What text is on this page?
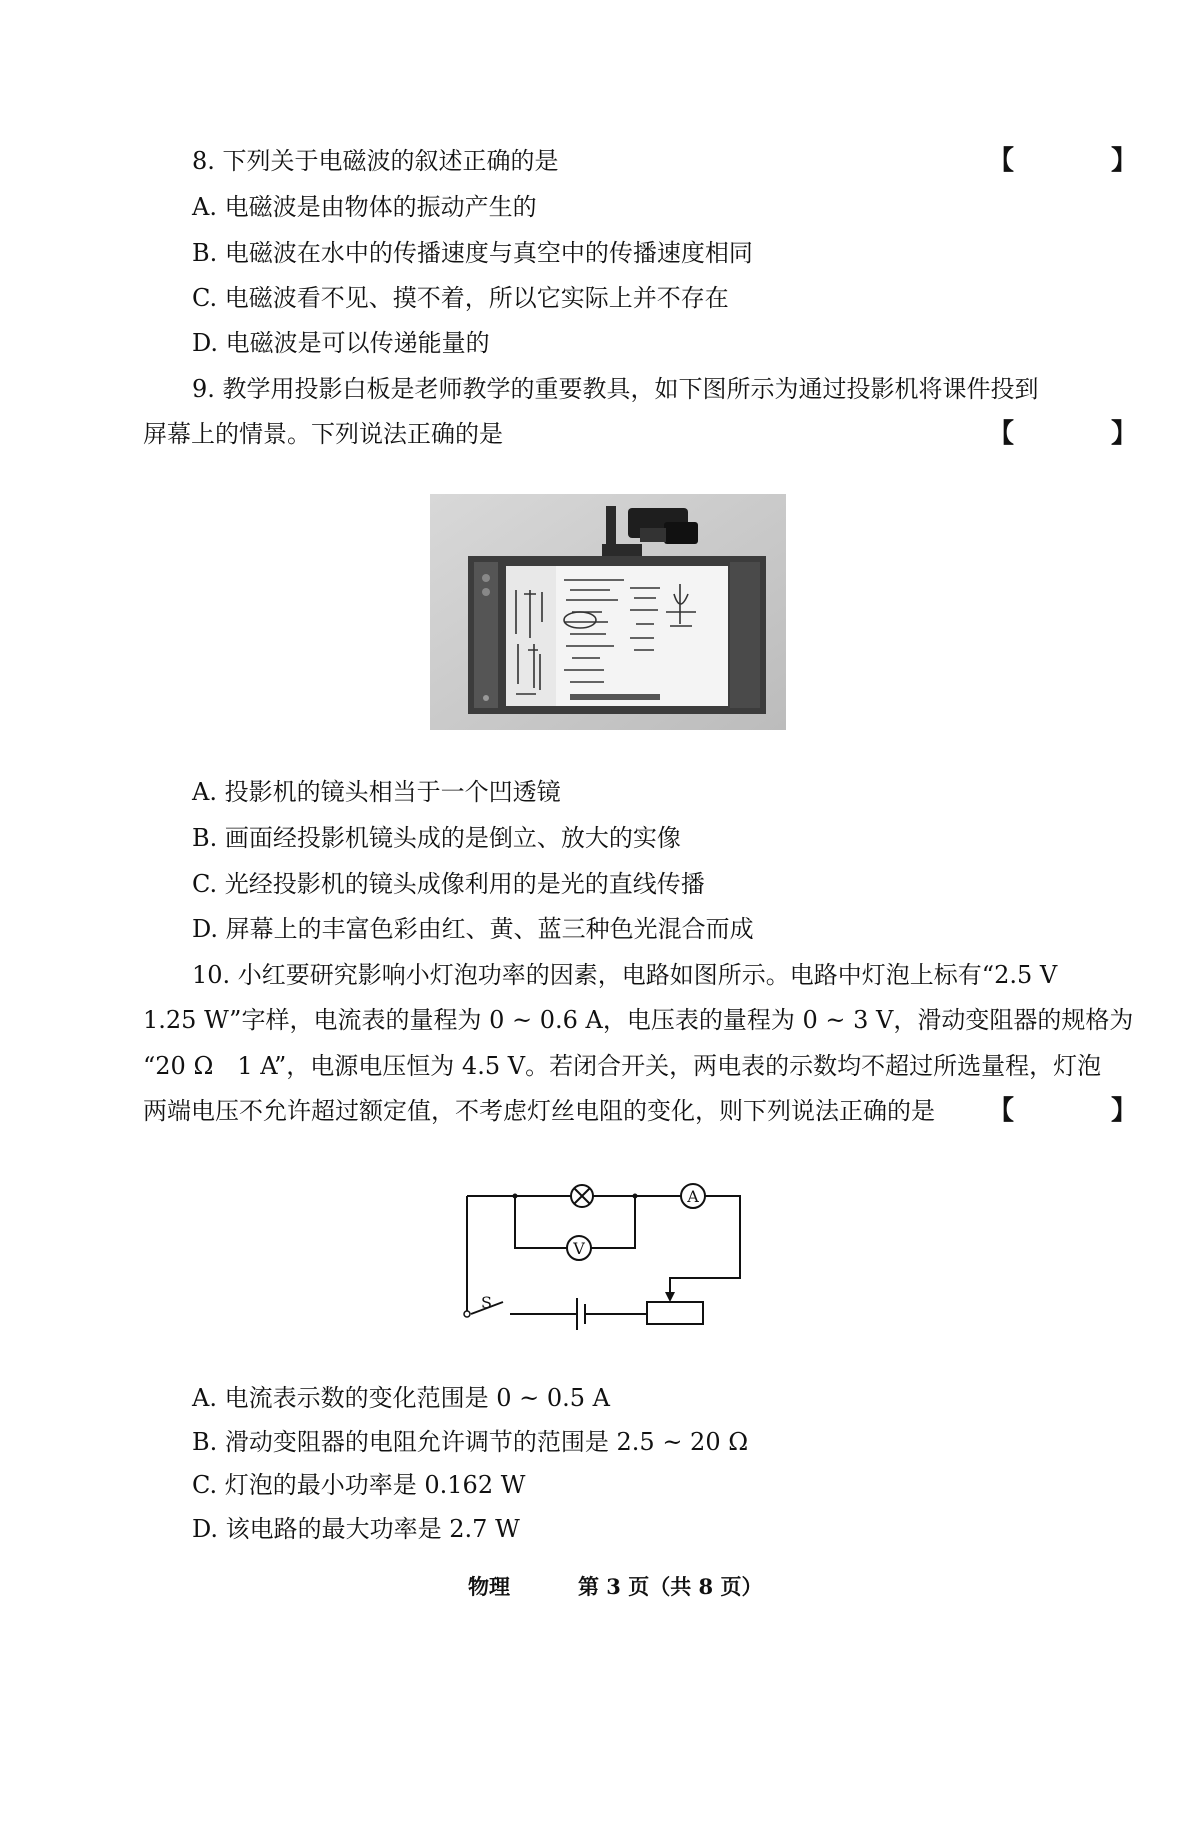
8. 下列关于电磁波的叙述正确的是	【 】
A. 电磁波是由物体的振动产生的
B. 电磁波在水中的传播速度与真空中的传播速度相同
C. 电磁波看不见、摸不着，所以它实际上并不存在
D. 电磁波是可以传递能量的
9. 教学用投影白板是老师教学的重要教具，如下图所示为通过投影机将课件投到
屏幕上的情景。下列说法正确的是	【 】
A. 投影机的镜头相当于一个凹透镜
B. 画面经投影机镜头成的是倒立、放大的实像
C. 光经投影机的镜头成像利用的是光的直线传播
D. 屏幕上的丰富色彩由红、黄、蓝三种色光混合而成
10. 小红要研究影响小灯泡功率的因素，电路如图所示。电路中灯泡上标有“2.5 V
1.25 W”字样，电流表的量程为 0 ~ 0.6 A，电压表的量程为 0 ~ 3 V，滑动变阻器的规格为
“20 Ω　1 A”，电源电压恒为 4.5 V。若闭合开关，两电表的示数均不超过所选量程，灯泡
两端电压不允许超过额定值，不考虑灯丝电阻的变化，则下列说法正确的是 【 】
A
V
S
A. 电流表示数的变化范围是 0 ~ 0.5 A
B. 滑动变阻器的电阻允许调节的范围是 2.5 ~ 20 Ω
C. 灯泡的最小功率是 0.162 W
D. 该电路的最大功率是 2.7 W
物理	第 3 页（共 8 页）
